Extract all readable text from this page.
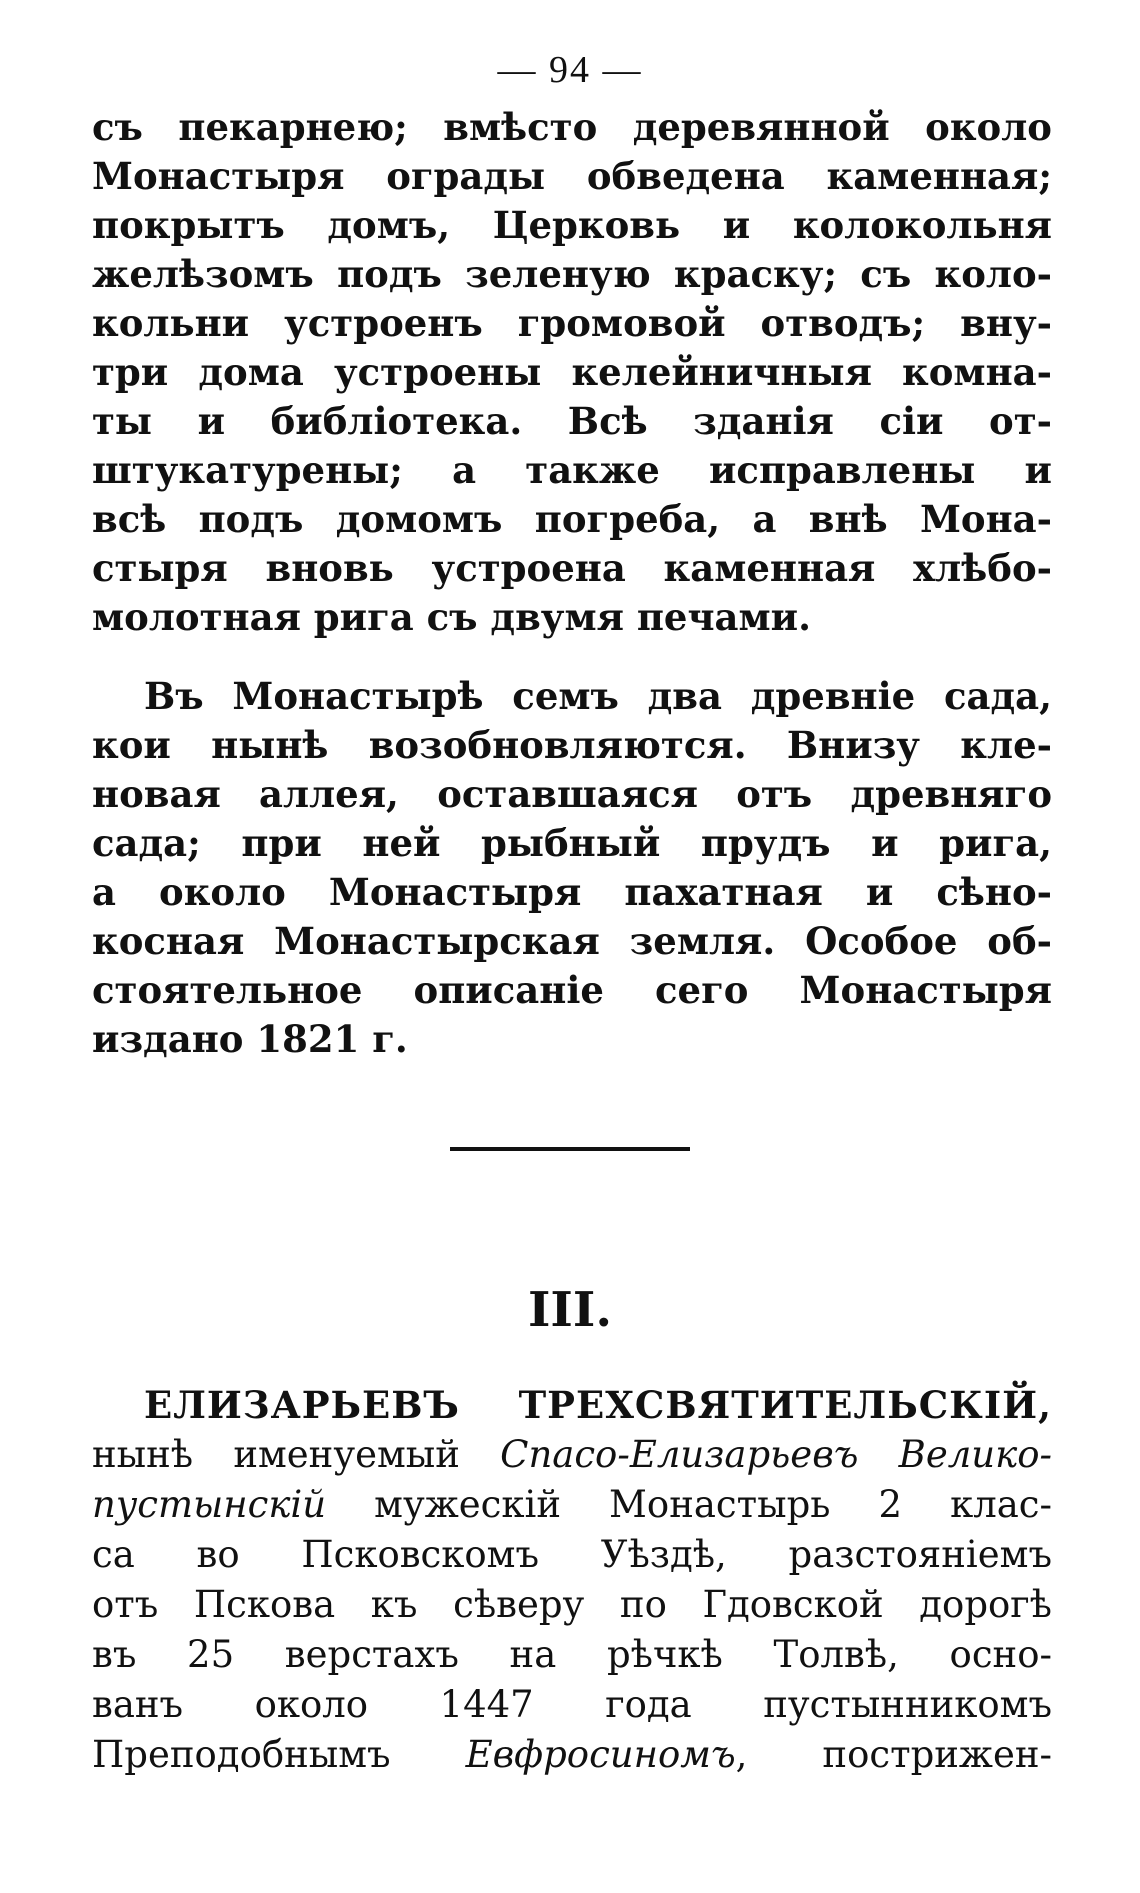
— 94 —
съ пекарнею; вмѣсто деревянной около
Монастыря ограды обведена каменная;
покрытъ домъ, Церковь и колокольня
желѣзомъ подъ зеленую краску; съ коло-
кольни устроенъ громовой отводъ; вну-
три дома устроены келейничныя комна-
ты и библіотека. Всѣ зданія сіи от-
штукатурены; а также исправлены и
всѣ подъ домомъ погреба, а внѣ Мона-
стыря вновь устроена каменная хлѣбо-
молотная рига съ двумя печами.
Въ Монастырѣ семъ два древніе сада,
кои нынѣ возобновляются. Внизу кле-
новая аллея, оставшаяся отъ древняго
сада; при ней рыбный прудъ и рига,
а около Монастыря пахатная и сѣно-
косная Монастырская земля. Особое об-
стоятельное описаніе сего Монастыря
издано 1821 г.
III.
ЕЛИЗАРЬЕВЪ ТРЕХСВЯТИТЕЛЬСКІЙ,
нынѣ именуемый Спасо-Елизарьевъ Велико-
пустынскій мужескій Монастырь 2 клас-
са во Псковскомъ Уѣздѣ, разстояніемъ
отъ Пскова къ сѣверу по Гдовской дорогѣ
въ 25 верстахъ на рѣчкѣ Толвѣ, осно-
ванъ около 1447 года пустынникомъ
Преподобнымъ Евфросиномъ, пострижен-
